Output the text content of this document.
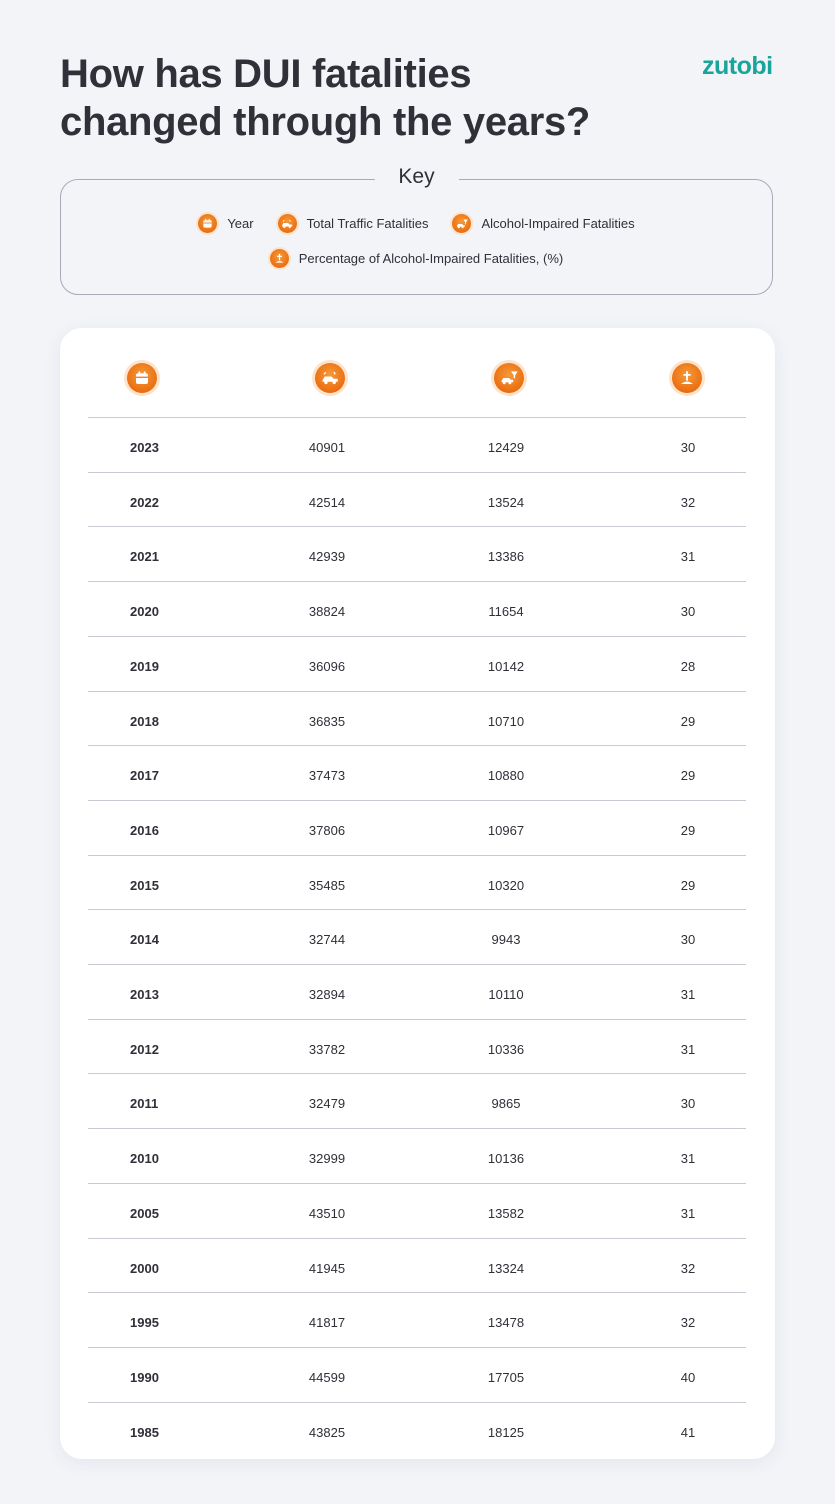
How has DUI fatalities
changed through the years?
zutobi
Key
Year	Total Traffic Fatalities	Alcohol-Impaired Fatalities
Percentage of Alcohol-Impaired Fatalities, (%)
2023	40901	12429	30
2022	42514	13524	32
2021	42939	13386	31
2020	38824	11654	30
2019	36096	10142	28
2018	36835	10710	29
2017	37473	10880	29
2016	37806	10967	29
2015	35485	10320	29
2014	32744	9943	30
2013	32894	10110	31
2012	33782	10336	31
2011	32479	9865	30
2010	32999	10136	31
2005	43510	13582	31
2000	41945	13324	32
1995	41817	13478	32
1990	44599	17705	40
1985	43825	18125	41
